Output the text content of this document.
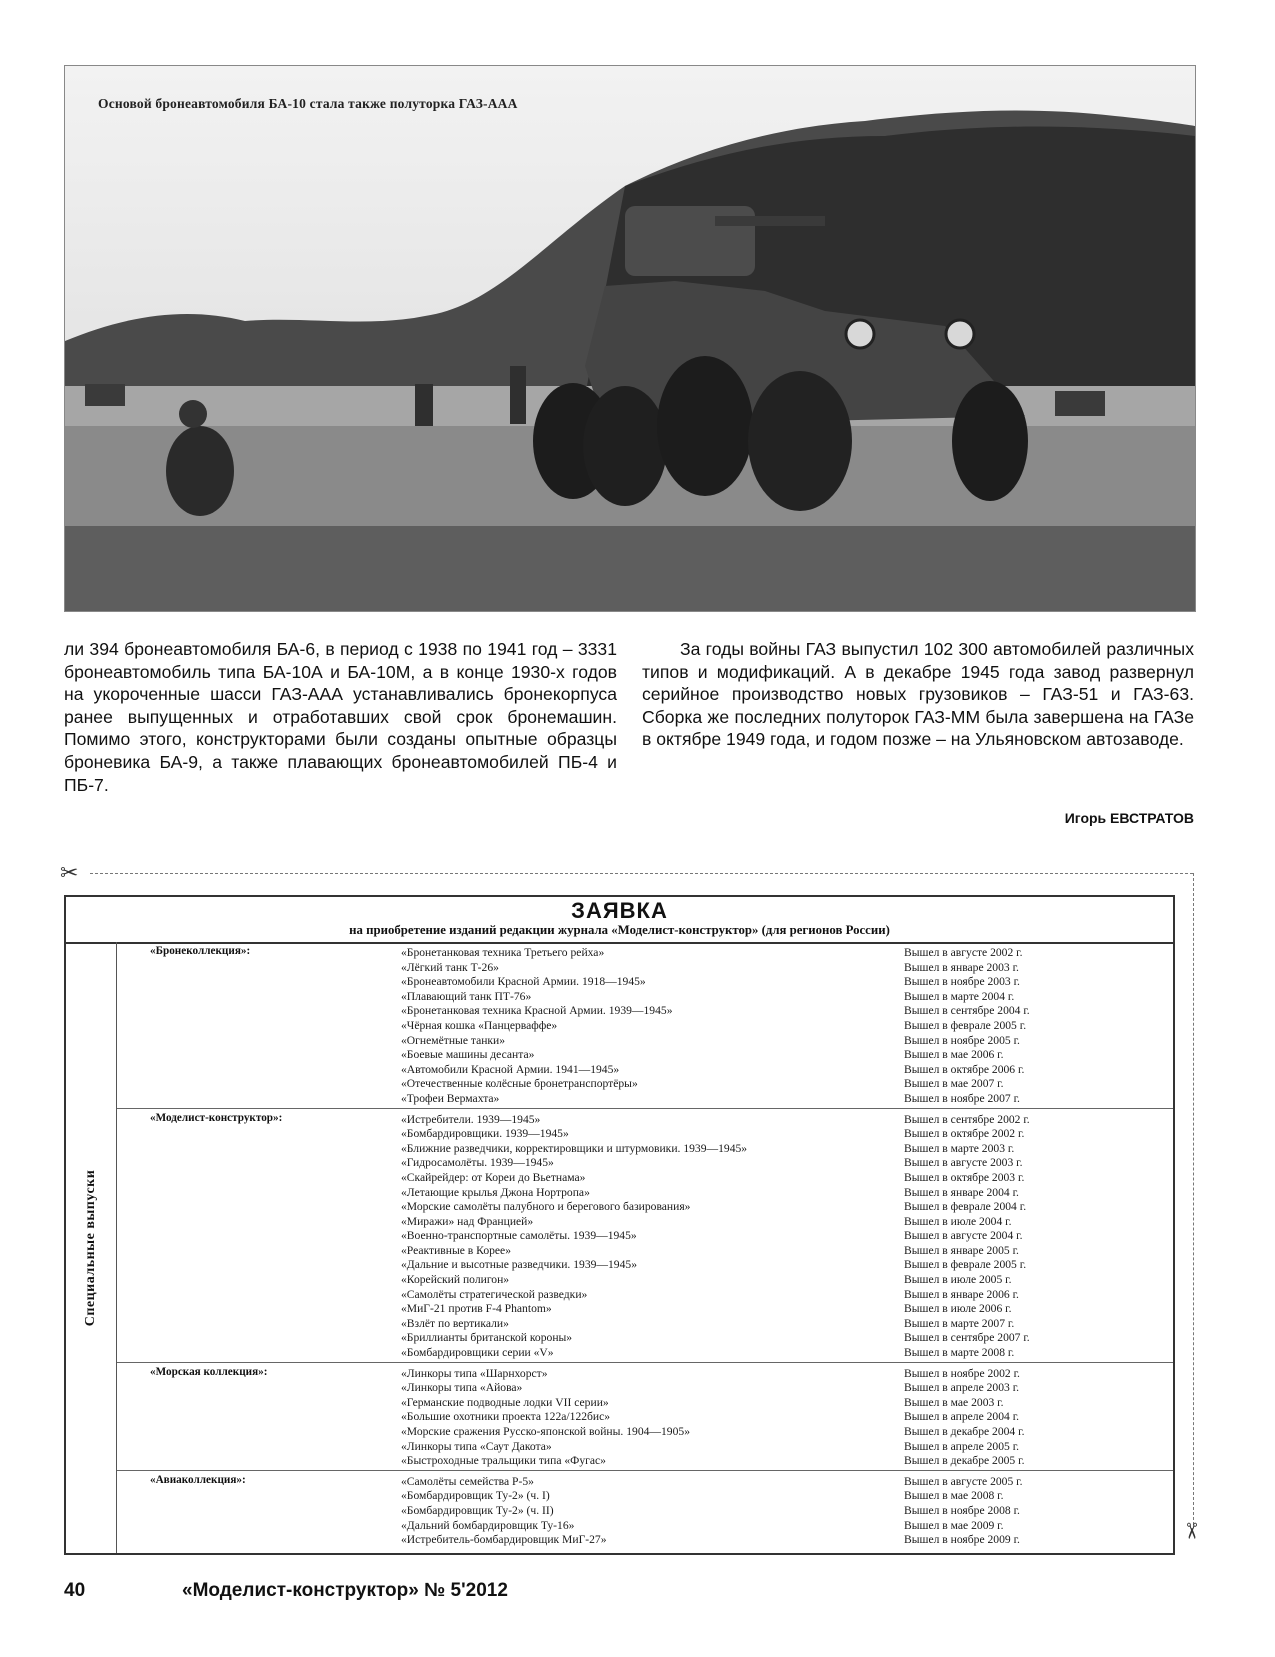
Основой бронеавтомобиля БА-10 стала также полуторка ГАЗ-ААА
ли 394 бронеавтомобиля БА-6, в период с 1938 по 1941 год – 3331 бронеавтомобиль типа БА-10А и БА-10М, а в конце 1930-х годов на укороченные шасси ГАЗ-ААА устанавливались бронекорпуса ранее выпущенных и отработавших свой срок бронемашин. Помимо этого, конструкторами были созданы опытные образцы броневика БА-9, а также плавающих бронеавтомобилей ПБ-4 и ПБ-7.
За годы войны ГАЗ выпустил 102 300 автомобилей различных типов и модификаций. А в декабре 1945 года завод развернул серийное производство новых грузовиков – ГАЗ-51 и ГАЗ-63. Сборка же последних полуторок ГАЗ-ММ была завершена на ГАЗе в октябре 1949 года, и годом позже – на Ульяновском автозаводе.
Игорь ЕВСТРАТОВ
✂
✂
ЗАЯВКА
на приобретение изданий редакции журнала «Моделист-конструктор» (для регионов России)
Специальные выпуски
«Бронеколлекция»:	«Бронетанковая техника Третьего рейха»	Вышел в августе 2002 г.
«Лёгкий танк Т-26»	Вышел в январе 2003 г.
«Бронеавтомобили Красной Армии. 1918—1945»	Вышел в ноябре 2003 г.
«Плавающий танк ПТ-76»	Вышел в марте 2004 г.
«Бронетанковая техника Красной Армии. 1939—1945»	Вышел в сентябре 2004 г.
«Чёрная кошка «Панцерваффе»	Вышел в феврале 2005 г.
«Огнемётные танки»	Вышел в ноябре 2005 г.
«Боевые машины десанта»	Вышел в мае 2006 г.
«Автомобили Красной Армии. 1941—1945»	Вышел в октябре 2006 г.
«Отечественные колёсные бронетранспортёры»	Вышел в мае 2007 г.
«Трофеи Вермахта»	Вышел в ноябре 2007 г.
«Моделист-конструктор»:	«Истребители. 1939—1945»	Вышел в сентябре 2002 г.
«Бомбардировщики. 1939—1945»	Вышел в октябре 2002 г.
«Ближние разведчики, корректировщики и штурмовики. 1939—1945»	Вышел в марте 2003 г.
«Гидросамолёты. 1939—1945»	Вышел в августе 2003 г.
«Скайрейдер: от Кореи до Вьетнама»	Вышел в октябре 2003 г.
«Летающие крылья Джона Нортропа»	Вышел в январе 2004 г.
«Морские самолёты палубного и берегового базирования»	Вышел в феврале 2004 г.
«Миражи» над Францией»	Вышел в июле 2004 г.
«Военно-транспортные самолёты. 1939—1945»	Вышел в августе 2004 г.
«Реактивные в Корее»	Вышел в январе 2005 г.
«Дальние и высотные разведчики. 1939—1945»	Вышел в феврале 2005 г.
«Корейский полигон»	Вышел в июле 2005 г.
«Самолёты стратегической разведки»	Вышел в январе 2006 г.
«МиГ-21 против F-4 Phantom»	Вышел в июле 2006 г.
«Взлёт по вертикали»	Вышел в марте 2007 г.
«Бриллианты британской короны»	Вышел в сентябре 2007 г.
«Бомбардировщики серии «V»	Вышел в марте 2008 г.
«Морская коллекция»:	«Линкоры типа «Шарнхорст»	Вышел в ноябре 2002 г.
«Линкоры типа «Айова»	Вышел в апреле 2003 г.
«Германские подводные лодки VII серии»	Вышел в мае 2003 г.
«Большие охотники проекта 122а/122бис»	Вышел в апреле 2004 г.
«Морские сражения Русско-японской войны. 1904—1905»	Вышел в декабре 2004 г.
«Линкоры типа «Саут Дакота»	Вышел в апреле 2005 г.
«Быстроходные тральщики типа «Фугас»	Вышел в декабре 2005 г.
«Авиаколлекция»:	«Самолёты семейства Р-5»	Вышел в августе 2005 г.
«Бомбардировщик Ту-2» (ч. I)	Вышел в мае 2008 г.
«Бомбардировщик Ту-2» (ч. II)	Вышел в ноябре 2008 г.
«Дальний бомбардировщик Ту-16»	Вышел в мае 2009 г.
«Истребитель-бомбардировщик МиГ-27»	Вышел в ноябре 2009 г.
40	«Моделист-конструктор» № 5'2012
